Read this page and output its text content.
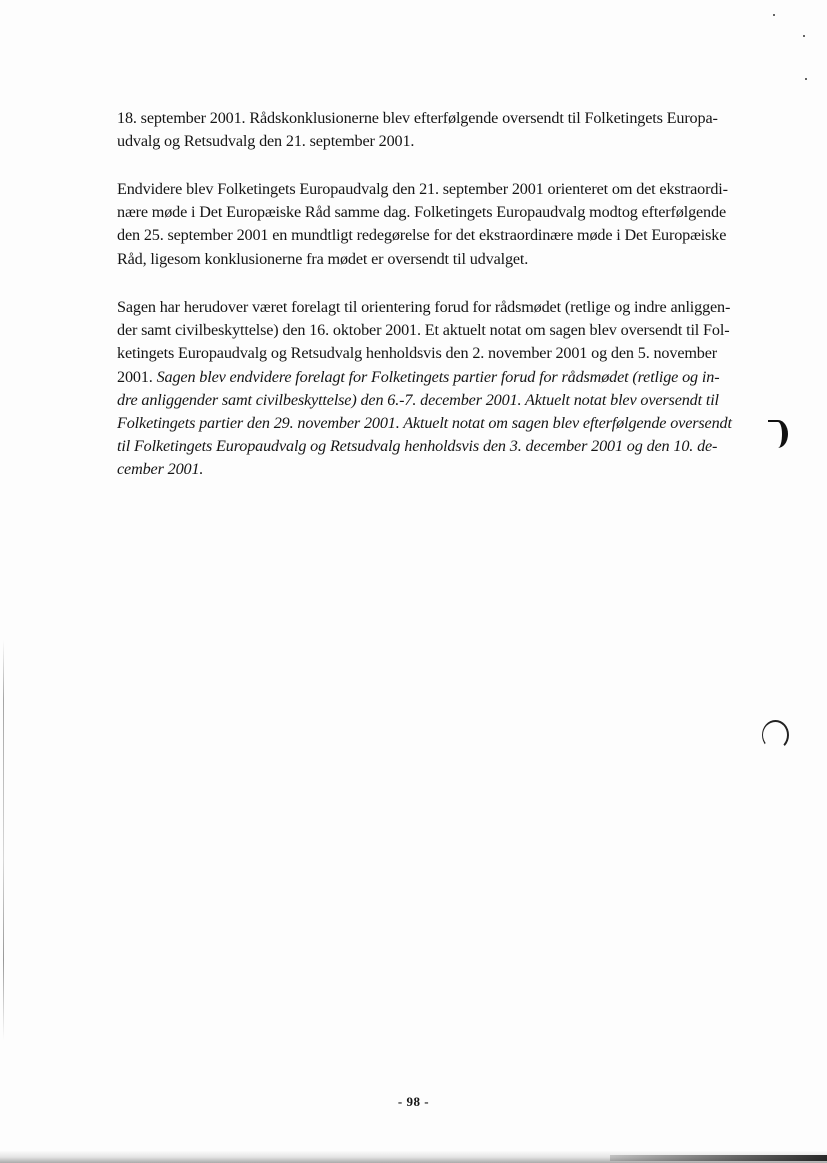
18. september 2001. Rådskonklusionerne blev efterfølgende oversendt til Folketingets Europa-
udvalg og Retsudvalg den 21. september 2001.

Endvidere blev Folketingets Europaudvalg den 21. september 2001 orienteret om det ekstraordi-
nære møde i Det Europæiske Råd samme dag. Folketingets Europaudvalg modtog efterfølgende
den 25. september 2001 en mundtligt redegørelse for det ekstraordinære møde i Det Europæiske
Råd, ligesom konklusionerne fra mødet er oversendt til udvalget.

Sagen har herudover været forelagt til orientering forud for rådsmødet (retlige og indre anliggen-
der samt civilbeskyttelse) den 16. oktober 2001. Et aktuelt notat om sagen blev oversendt til Fol-
ketingets Europaudvalg og Retsudvalg henholdsvis den 2. november 2001 og den 5. november
2001. Sagen blev endvidere forelagt for Folketingets partier forud for rådsmødet (retlige og in-
dre anliggender samt civilbeskyttelse) den 6.-7. december 2001. Aktuelt notat blev oversendt til
Folketingets partier den 29. november 2001. Aktuelt notat om sagen blev efterfølgende oversendt
til Folketingets Europaudvalg og Retsudvalg henholdsvis den 3. december 2001 og den 10. de-
cember 2001.

- 98 -
